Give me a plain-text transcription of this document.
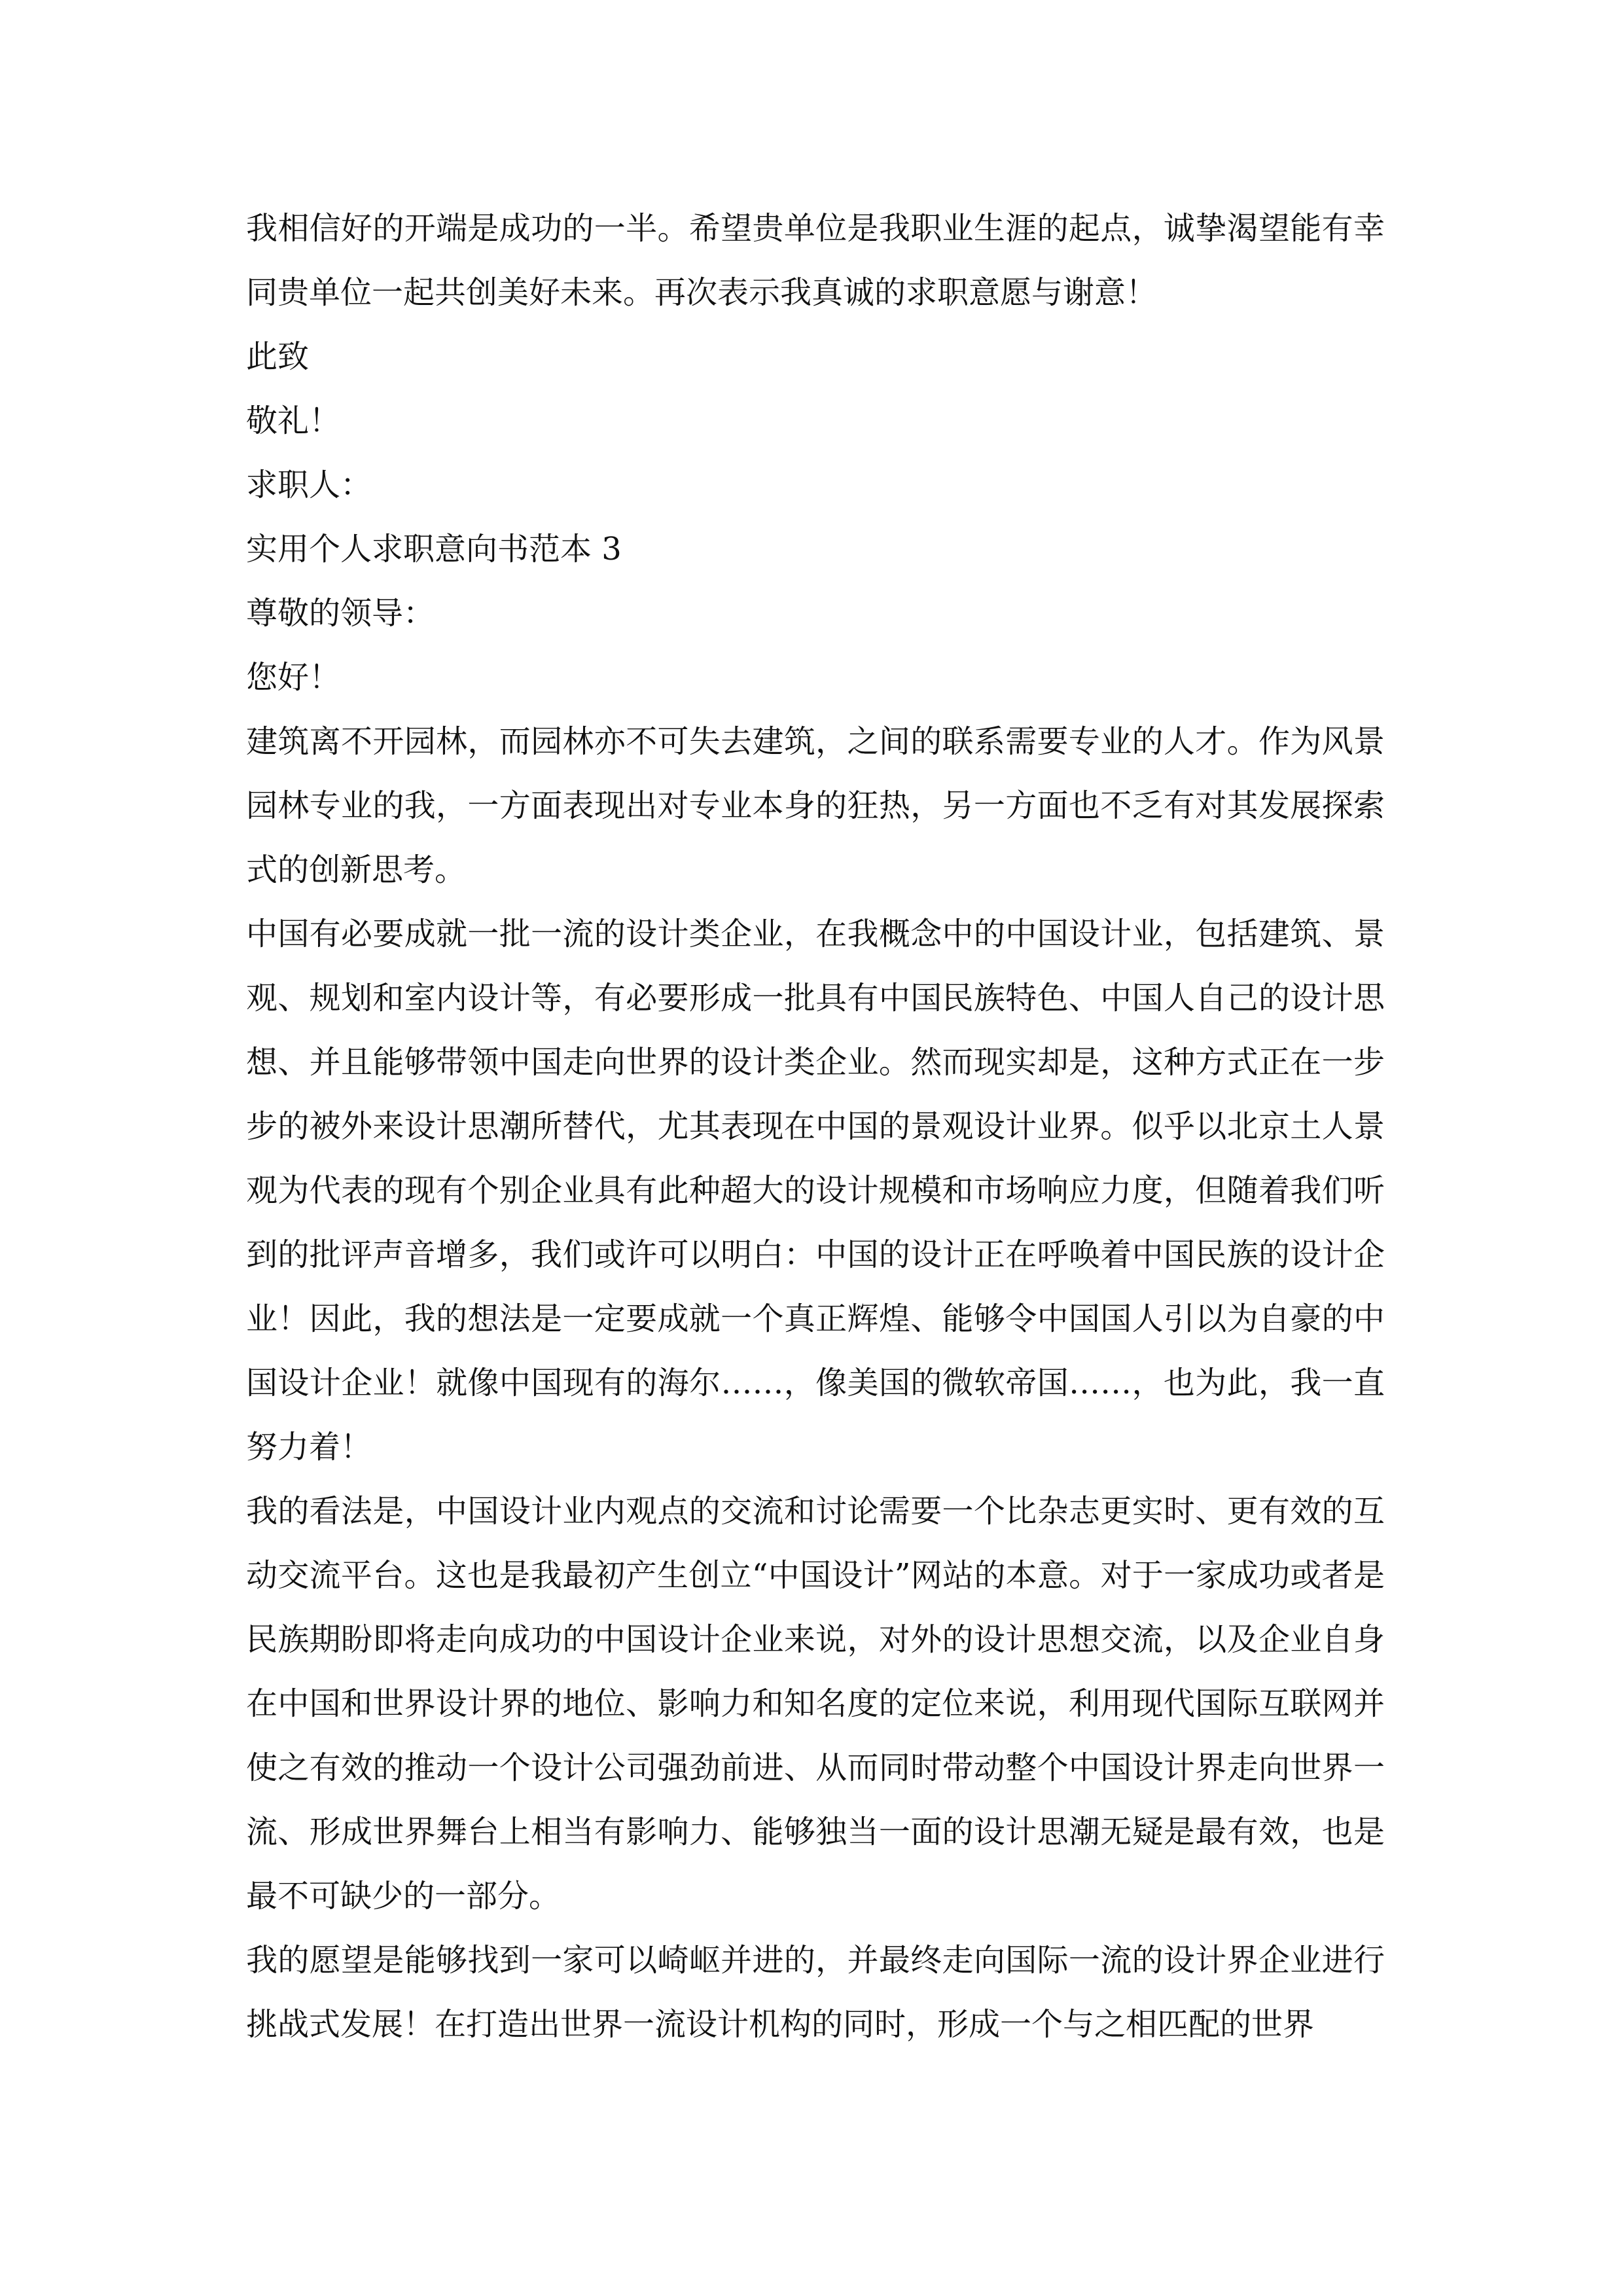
我相信好的开端是成功的一半。希望贵单位是我职业生涯的起点，诚挚渴望能有幸同贵单位一起共创美好未来。再次表示我真诚的求职意愿与谢意！

此致

敬礼！

求职人：

实用个人求职意向书范本 3

尊敬的领导：

您好！

建筑离不开园林，而园林亦不可失去建筑，之间的联系需要专业的人才。作为风景园林专业的我，一方面表现出对专业本身的狂热，另一方面也不乏有对其发展探索式的创新思考。

中国有必要成就一批一流的设计类企业，在我概念中的中国设计业，包括建筑、景观、规划和室内设计等，有必要形成一批具有中国民族特色、中国人自己的设计思想、并且能够带领中国走向世界的设计类企业。然而现实却是，这种方式正在一步步的被外来设计思潮所替代，尤其表现在中国的景观设计业界。似乎以北京土人景观为代表的现有个别企业具有此种超大的设计规模和市场响应力度，但随着我们听到的批评声音增多，我们或许可以明白：中国的设计正在呼唤着中国民族的设计企业！因此，我的想法是一定要成就一个真正辉煌、能够令中国国人引以为自豪的中国设计企业！就像中国现有的海尔……，像美国的微软帝国……，也为此，我一直努力着！

我的看法是，中国设计业内观点的交流和讨论需要一个比杂志更实时、更有效的互动交流平台。这也是我最初产生创立“中国设计”网站的本意。对于一家成功或者是民族期盼即将走向成功的中国设计企业来说，对外的设计思想交流，以及企业自身在中国和世界设计界的地位、影响力和知名度的定位来说，利用现代国际互联网并使之有效的推动一个设计公司强劲前进、从而同时带动整个中国设计界走向世界一流、形成世界舞台上相当有影响力、能够独当一面的设计思潮无疑是最有效，也是最不可缺少的一部分。

我的愿望是能够找到一家可以崎岖并进的，并最终走向国际一流的设计界企业进行挑战式发展！在打造出世界一流设计机构的同时，形成一个与之相匹配的世界
